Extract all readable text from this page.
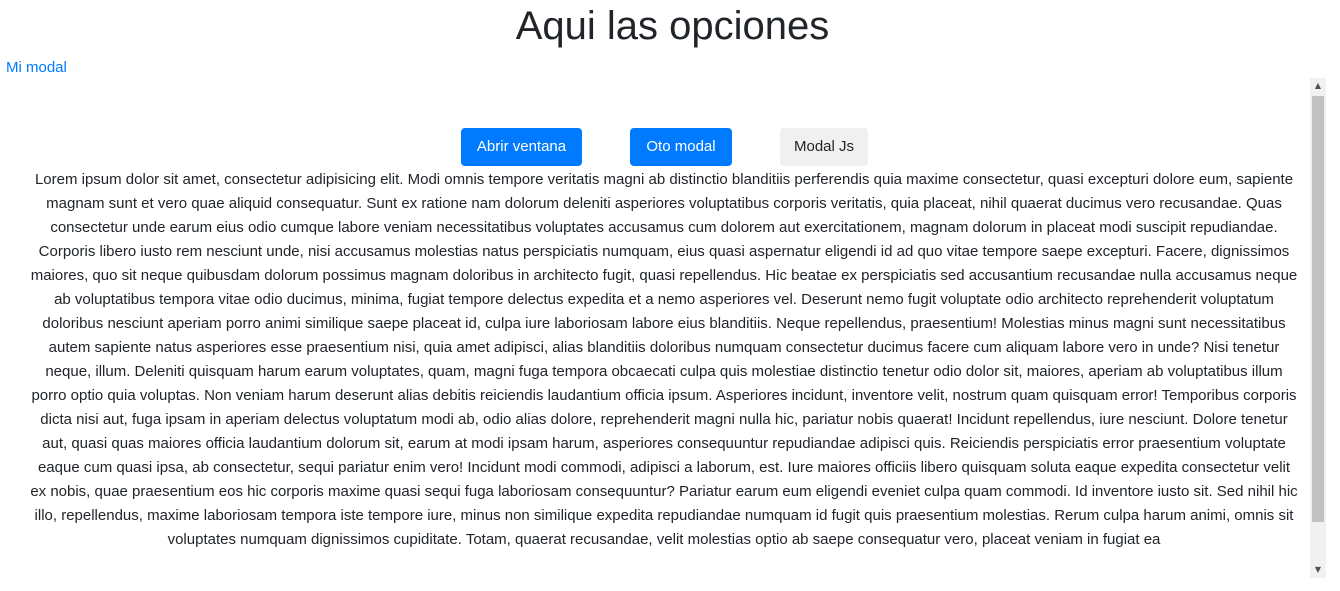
Aqui las opciones
Mi modal
Abrir ventana	Oto modal	Modal Js

Lorem ipsum dolor sit amet, consectetur adipisicing elit. Modi omnis tempore veritatis magni ab distinctio blanditiis perferendis quia maxime consectetur, quasi excepturi dolore eum, sapiente magnam sunt et vero quae aliquid consequatur. Sunt ex ratione nam dolorum deleniti asperiores voluptatibus corporis veritatis, quia placeat, nihil quaerat ducimus vero recusandae. Quas consectetur unde earum eius odio cumque labore veniam necessitatibus voluptates accusamus cum dolorem aut exercitationem, magnam dolorum in placeat modi suscipit repudiandae. Corporis libero iusto rem nesciunt unde, nisi accusamus molestias natus perspiciatis numquam, eius quasi aspernatur eligendi id ad quo vitae tempore saepe excepturi. Facere, dignissimos maiores, quo sit neque quibusdam dolorum possimus magnam doloribus in architecto fugit, quasi repellendus. Hic beatae ex perspiciatis sed accusantium recusandae nulla accusamus neque ab voluptatibus tempora vitae odio ducimus, minima, fugiat tempore delectus expedita et a nemo asperiores vel. Deserunt nemo fugit voluptate odio architecto reprehenderit voluptatum doloribus nesciunt aperiam porro animi similique saepe placeat id, culpa iure laboriosam labore eius blanditiis. Neque repellendus, praesentium! Molestias minus magni sunt necessitatibus autem sapiente natus asperiores esse praesentium nisi, quia amet adipisci, alias blanditiis doloribus numquam consectetur ducimus facere cum aliquam labore vero in unde? Nisi tenetur neque, illum. Deleniti quisquam harum earum voluptates, quam, magni fuga tempora obcaecati culpa quis molestiae distinctio tenetur odio dolor sit, maiores, aperiam ab voluptatibus illum porro optio quia voluptas. Non veniam harum deserunt alias debitis reiciendis laudantium officia ipsum. Asperiores incidunt, inventore velit, nostrum quam quisquam error! Temporibus corporis dicta nisi aut, fuga ipsam in aperiam delectus voluptatum modi ab, odio alias dolore, reprehenderit magni nulla hic, pariatur nobis quaerat! Incidunt repellendus, iure nesciunt. Dolore tenetur aut, quasi quas maiores officia laudantium dolorum sit, earum at modi ipsam harum, asperiores consequuntur repudiandae adipisci quis. Reiciendis perspiciatis error praesentium voluptate eaque cum quasi ipsa, ab consectetur, sequi pariatur enim vero! Incidunt modi commodi, adipisci a laborum, est. Iure maiores officiis libero quisquam soluta eaque expedita consectetur velit ex nobis, quae praesentium eos hic corporis maxime quasi sequi fuga laboriosam consequuntur? Pariatur earum eum eligendi eveniet culpa quam commodi. Id inventore iusto sit. Sed nihil hic illo, repellendus, maxime laboriosam tempora iste tempore iure, minus non similique expedita repudiandae numquam id fugit quis praesentium molestias. Rerum culpa harum animi, omnis sit voluptates numquam dignissimos cupiditate. Totam, quaerat recusandae, velit molestias optio ab saepe consequatur vero, placeat veniam in fugiat ea

▲
▼
